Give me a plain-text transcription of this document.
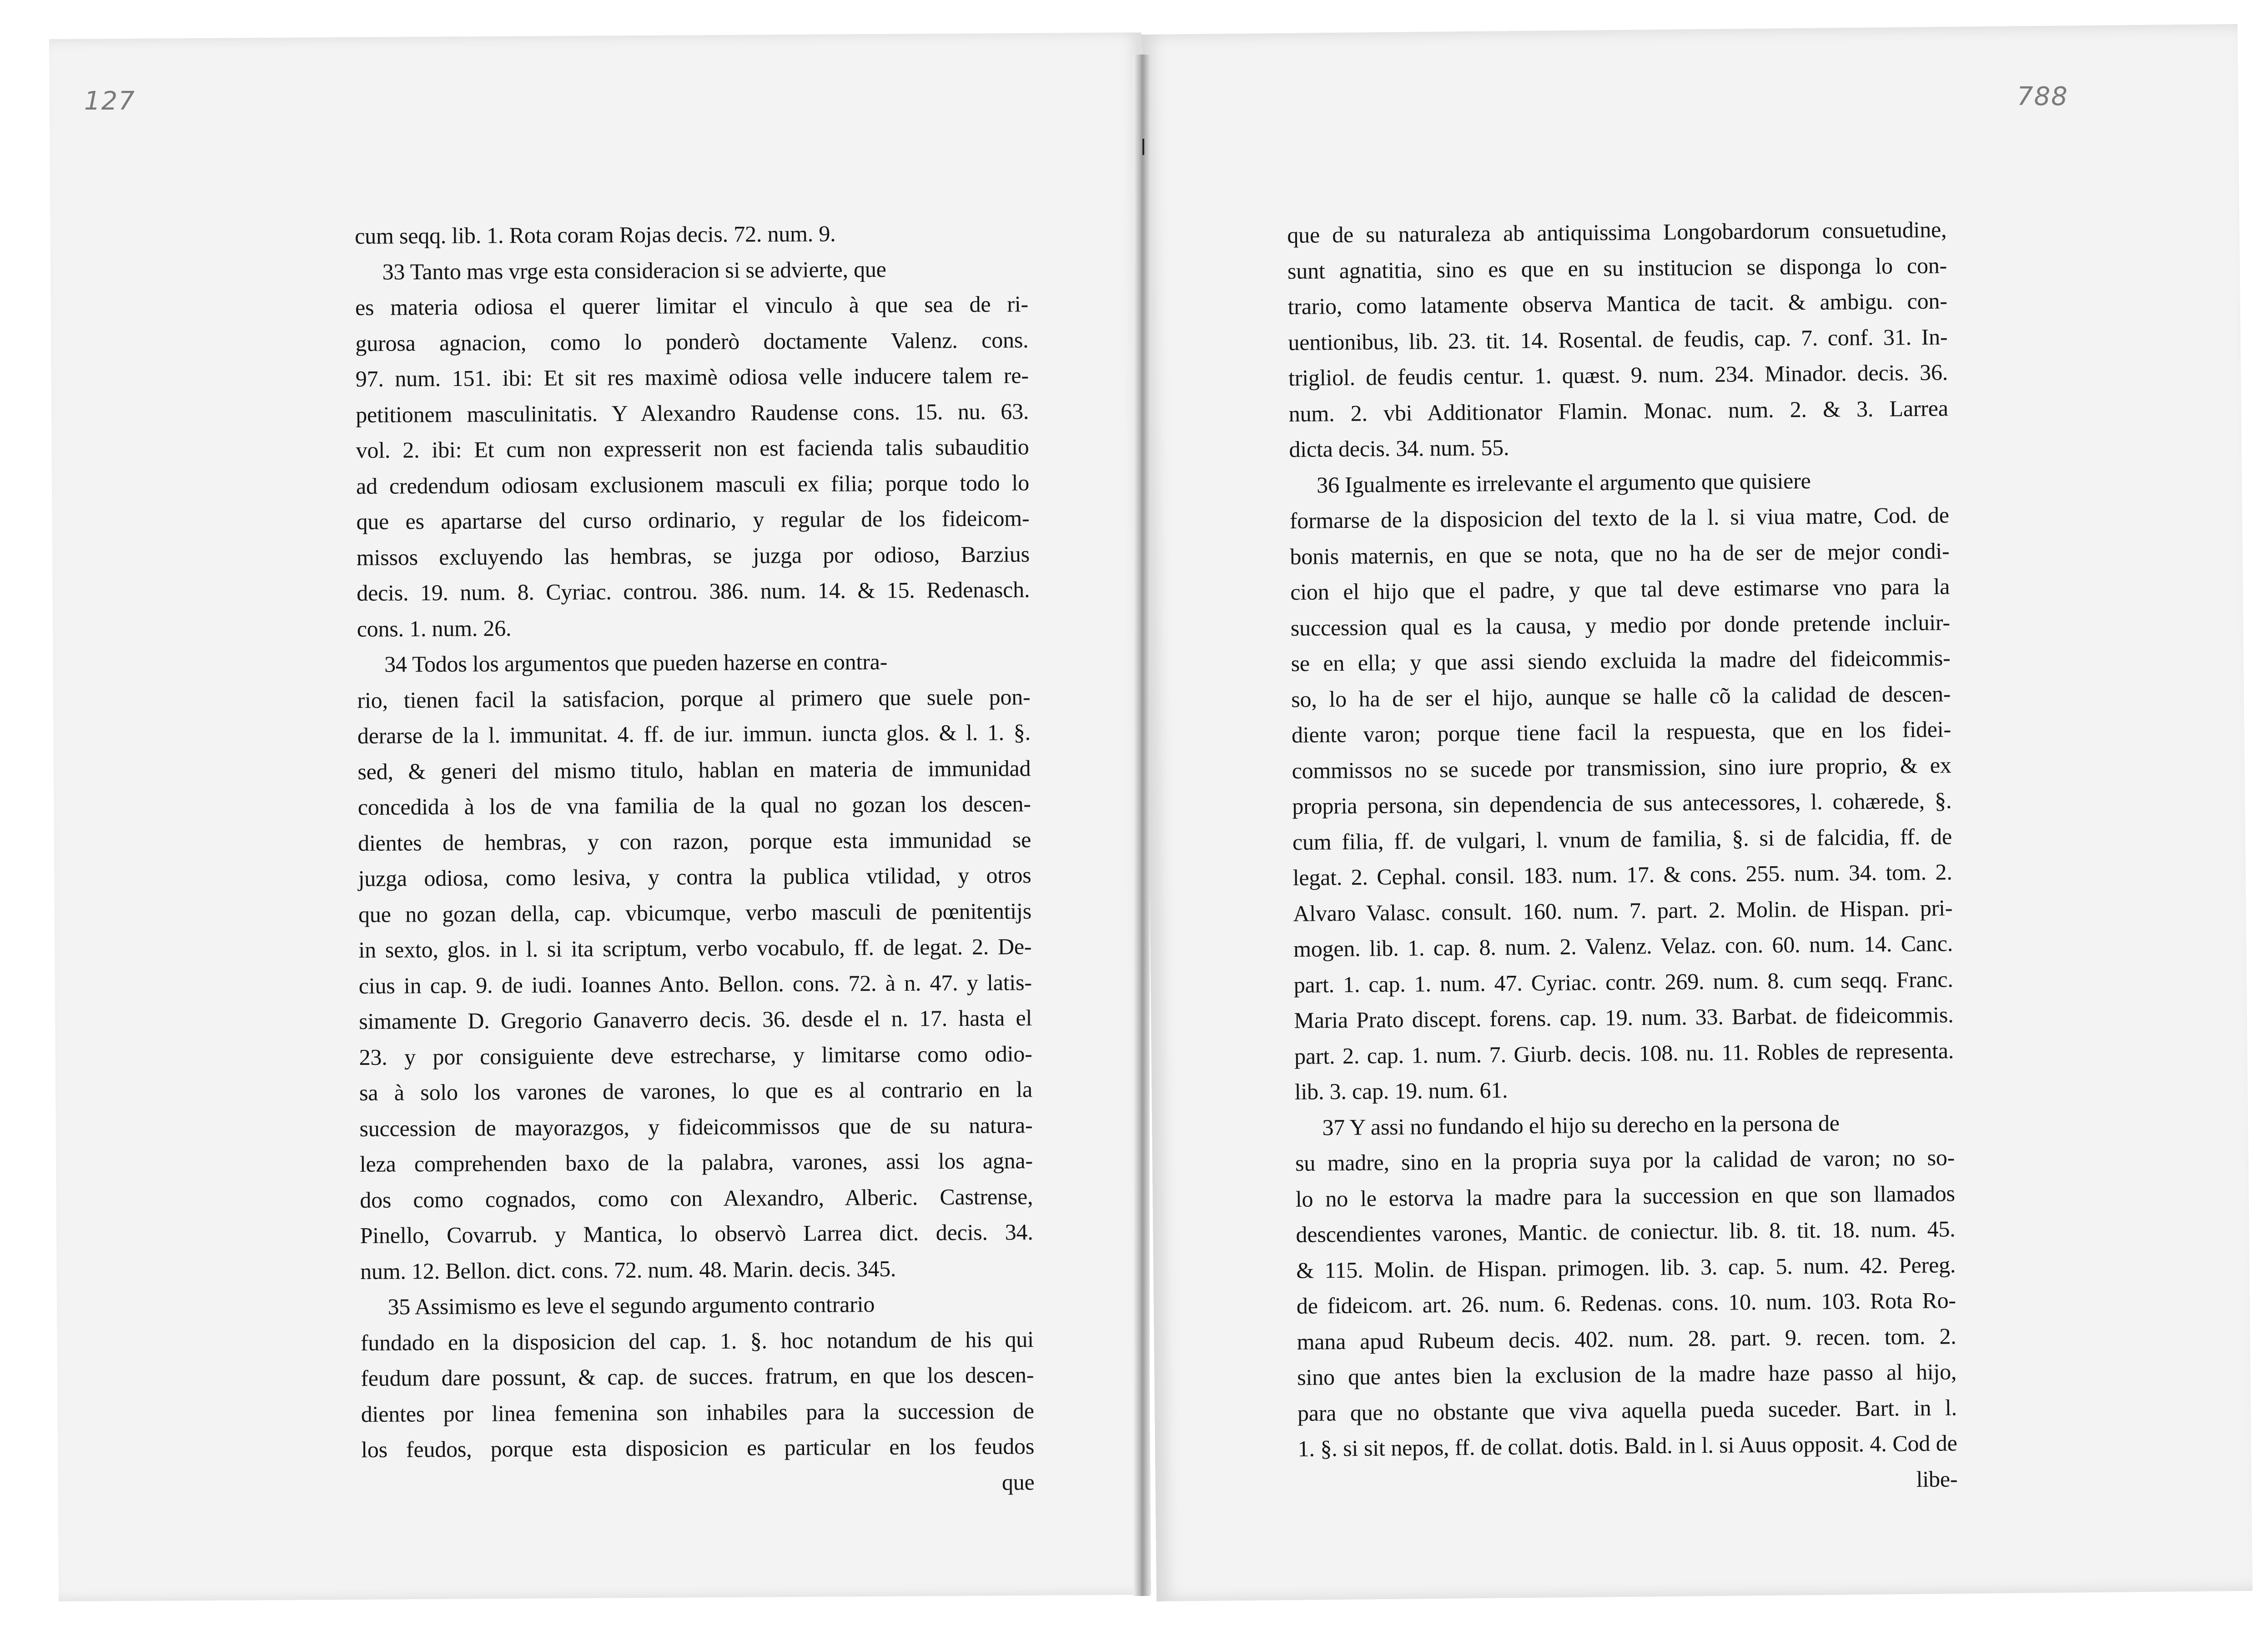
127	788
cum seqq. lib. 1. Rota coram Rojas decis. 72. num. 9.
33 Tanto mas vrge esta consideracion si se advierte, que
es materia odiosa el querer limitar el vinculo à que sea de ri-
gurosa agnacion, como lo ponderò doctamente Valenz. cons.
97. num. 151. ibi: Et sit res maximè odiosa velle inducere talem re-
petitionem masculinitatis. Y Alexandro Raudense cons. 15. nu. 63.
vol. 2. ibi: Et cum non expresserit non est facienda talis subauditio
ad credendum odiosam exclusionem masculi ex filia; porque todo lo
que es apartarse del curso ordinario, y regular de los fideicom-
missos excluyendo las hembras, se juzga por odioso, Barzius
decis. 19. num. 8. Cyriac. controu. 386. num. 14. & 15. Redenasch.
cons. 1. num. 26.
34 Todos los argumentos que pueden hazerse en contra-
rio, tienen facil la satisfacion, porque al primero que suele pon-
derarse de la l. immunitat. 4. ff. de iur. immun. iuncta glos. & l. 1. §.
sed, & generi del mismo titulo, hablan en materia de immunidad
concedida à los de vna familia de la qual no gozan los descen-
dientes de hembras, y con razon, porque esta immunidad se
juzga odiosa, como lesiva, y contra la publica vtilidad, y otros
que no gozan della, cap. vbicumque, verbo masculi de pœnitentijs
in sexto, glos. in l. si ita scriptum, verbo vocabulo, ff. de legat. 2. De-
cius in cap. 9. de iudi. Ioannes Anto. Bellon. cons. 72. à n. 47. y latis-
simamente D. Gregorio Ganaverro decis. 36. desde el n. 17. hasta el
23. y por consiguiente deve estrecharse, y limitarse como odio-
sa à solo los varones de varones, lo que es al contrario en la
succession de mayorazgos, y fideicommissos que de su natura-
leza comprehenden baxo de la palabra, varones, assi los agna-
dos como cognados, como con Alexandro, Alberic. Castrense,
Pinello, Covarrub. y Mantica, lo observò Larrea dict. decis. 34.
num. 12. Bellon. dict. cons. 72. num. 48. Marin. decis. 345.
35 Assimismo es leve el segundo argumento contrario
fundado en la disposicion del cap. 1. §. hoc notandum de his qui
feudum dare possunt, & cap. de succes. fratrum, en que los descen-
dientes por linea femenina son inhabiles para la succession de
los feudos, porque esta disposicion es particular en los feudos
que
que de su naturaleza ab antiquissima Longobardorum consuetudine,
sunt agnatitia, sino es que en su institucion se disponga lo con-
trario, como latamente observa Mantica de tacit. & ambigu. con-
uentionibus, lib. 23. tit. 14. Rosental. de feudis, cap. 7. conf. 31. In-
trigliol. de feudis centur. 1. quæst. 9. num. 234. Minador. decis. 36.
num. 2. vbi Additionator Flamin. Monac. num. 2. & 3. Larrea
dicta decis. 34. num. 55.
36 Igualmente es irrelevante el argumento que quisiere
formarse de la disposicion del texto de la l. si viua matre, Cod. de
bonis maternis, en que se nota, que no ha de ser de mejor condi-
cion el hijo que el padre, y que tal deve estimarse vno para la
succession qual es la causa, y medio por donde pretende incluir-
se en ella; y que assi siendo excluida la madre del fideicommis-
so, lo ha de ser el hijo, aunque se halle cõ la calidad de descen-
diente varon; porque tiene facil la respuesta, que en los fidei-
commissos no se sucede por transmission, sino iure proprio, & ex
propria persona, sin dependencia de sus antecessores, l. cohærede, §.
cum filia, ff. de vulgari, l. vnum de familia, §. si de falcidia, ff. de
legat. 2. Cephal. consil. 183. num. 17. & cons. 255. num. 34. tom. 2.
Alvaro Valasc. consult. 160. num. 7. part. 2. Molin. de Hispan. pri-
mogen. lib. 1. cap. 8. num. 2. Valenz. Velaz. con. 60. num. 14. Canc.
part. 1. cap. 1. num. 47. Cyriac. contr. 269. num. 8. cum seqq. Franc.
Maria Prato discept. forens. cap. 19. num. 33. Barbat. de fideicommis.
part. 2. cap. 1. num. 7. Giurb. decis. 108. nu. 11. Robles de representa.
lib. 3. cap. 19. num. 61.
37 Y assi no fundando el hijo su derecho en la persona de
su madre, sino en la propria suya por la calidad de varon; no so-
lo no le estorva la madre para la succession en que son llamados
descendientes varones, Mantic. de coniectur. lib. 8. tit. 18. num. 45.
& 115. Molin. de Hispan. primogen. lib. 3. cap. 5. num. 42. Pereg.
de fideicom. art. 26. num. 6. Redenas. cons. 10. num. 103. Rota Ro-
mana apud Rubeum decis. 402. num. 28. part. 9. recen. tom. 2.
sino que antes bien la exclusion de la madre haze passo al hijo,
para que no obstante que viva aquella pueda suceder. Bart. in l.
1. §. si sit nepos, ff. de collat. dotis. Bald. in l. si Auus opposit. 4. Cod de
libe-
